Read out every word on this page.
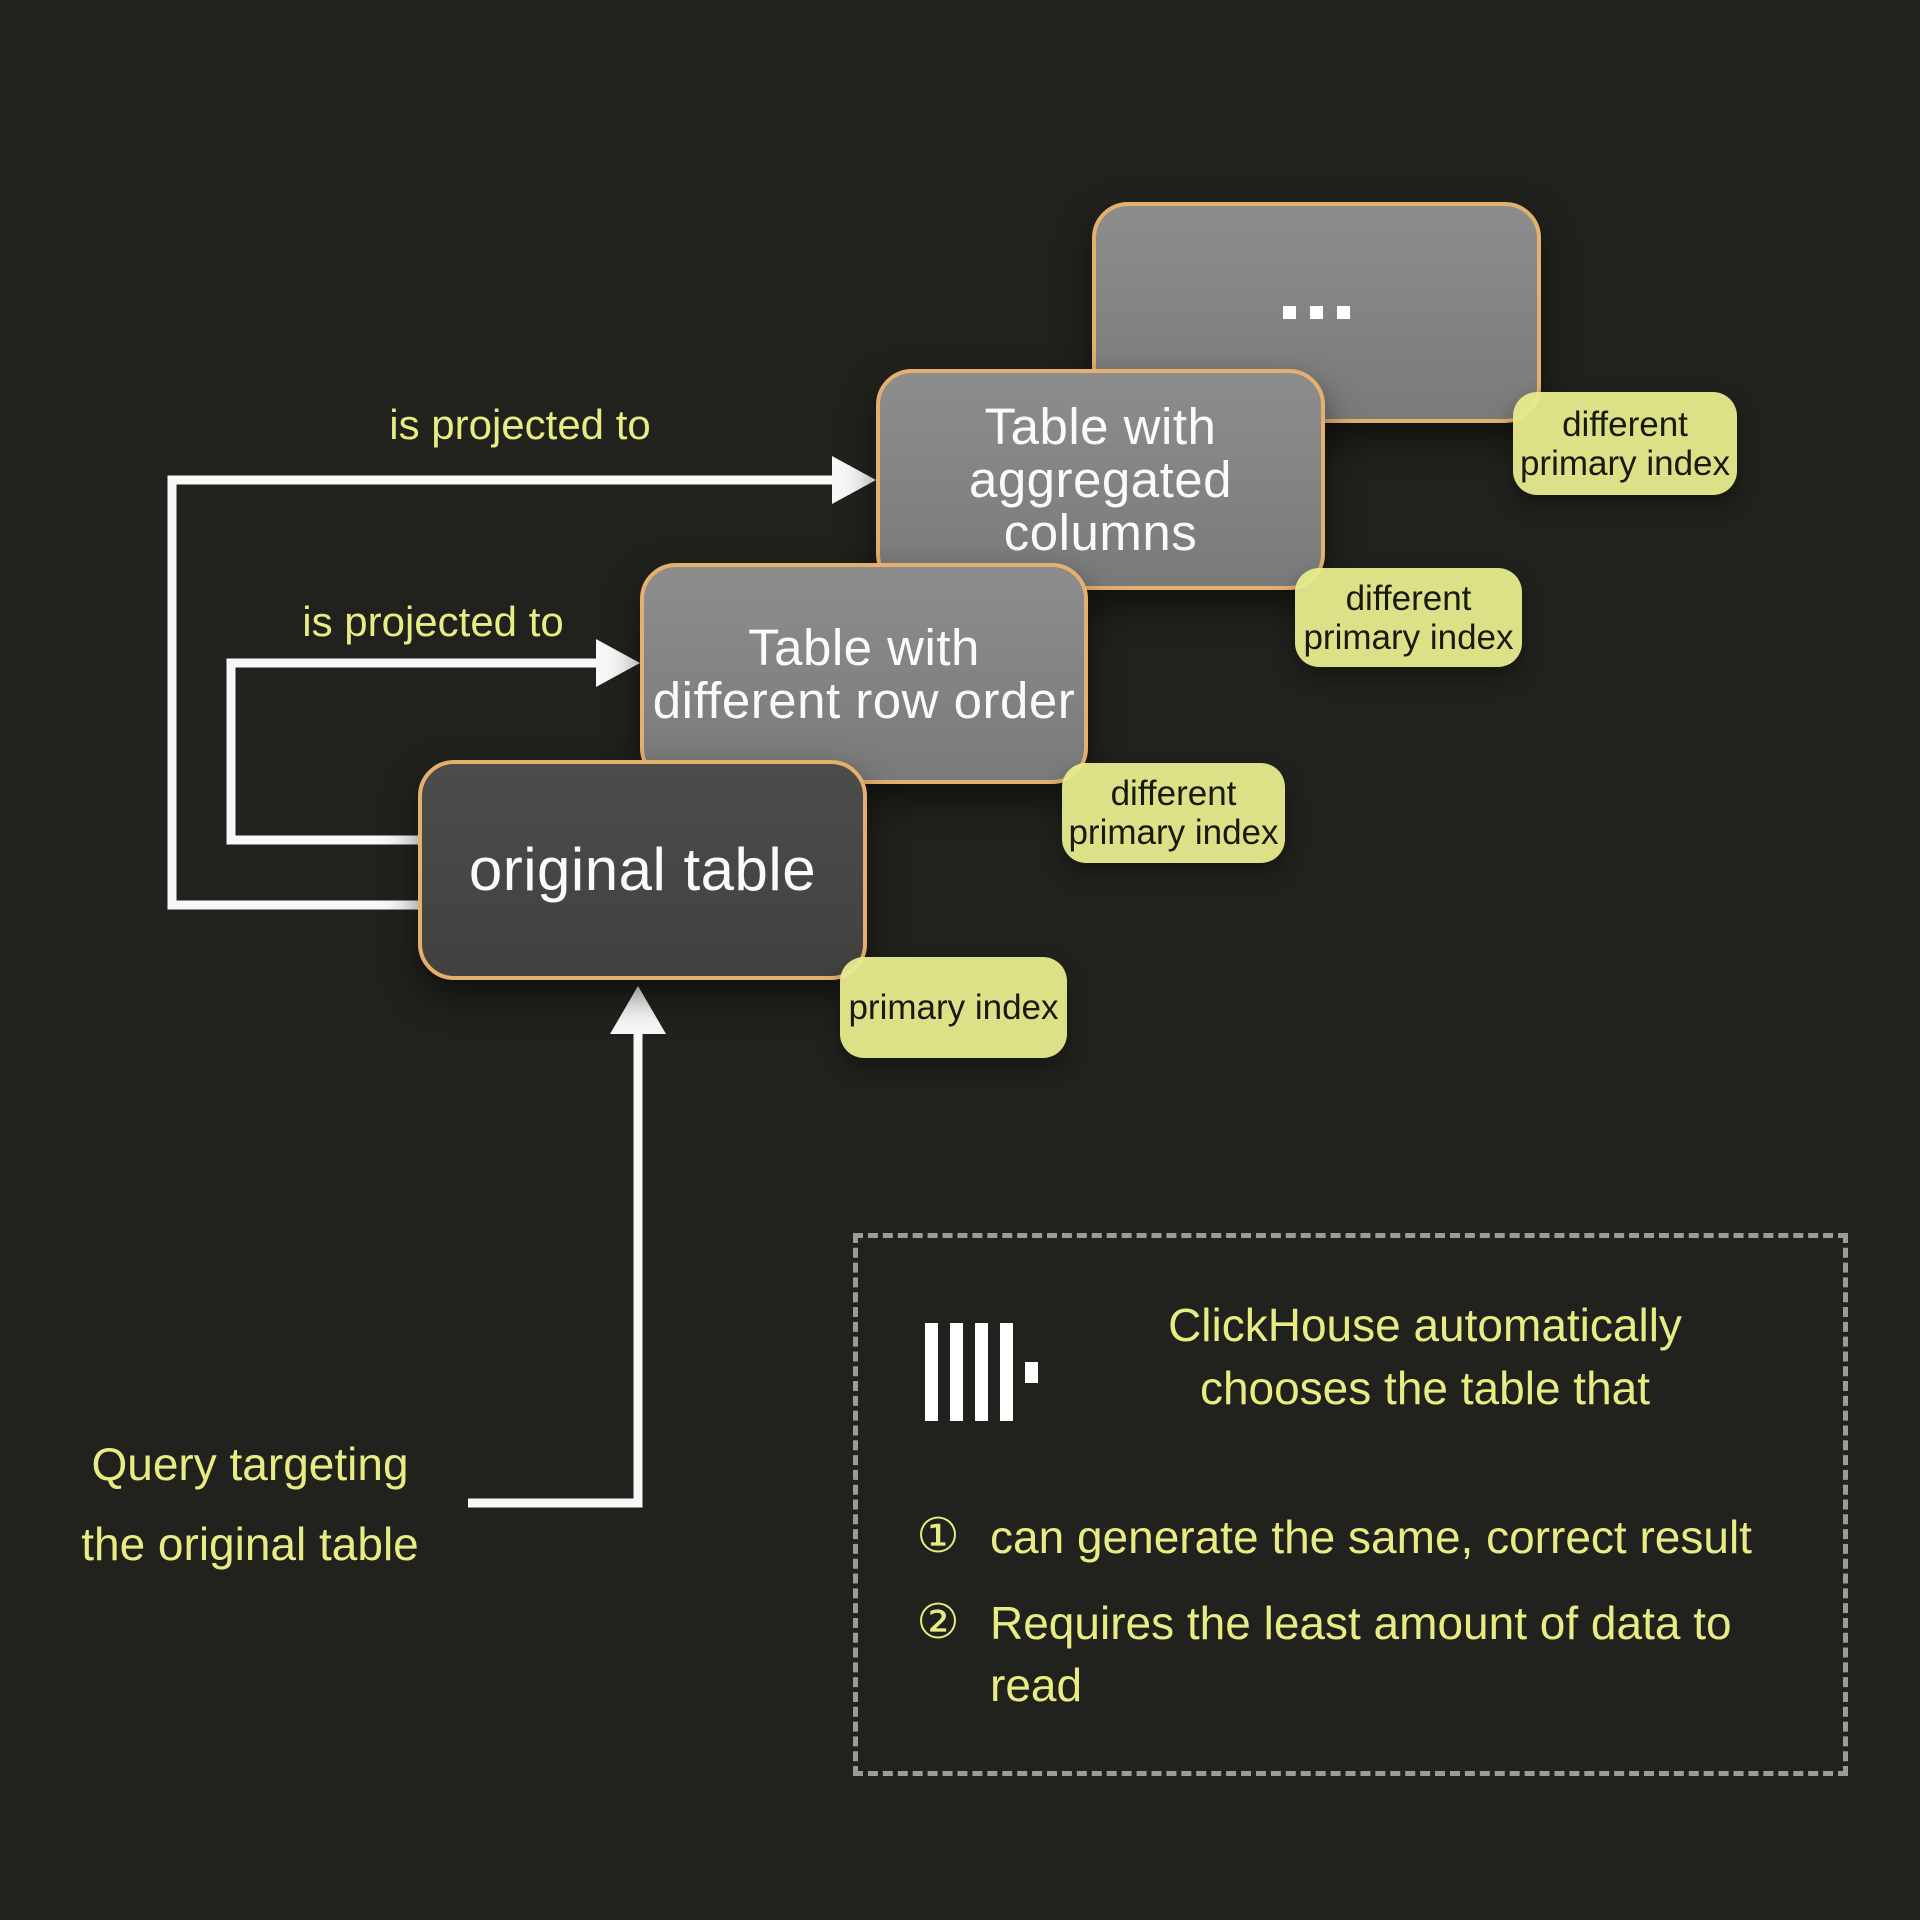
Table with
aggregated columns
Table with
different row order
original table
different
primary index
different
primary index
different
primary index
primary index
is projected to
is projected to
Query targeting
the original table
ClickHouse automatically
chooses the table that
① can generate the same, correct result
② Requires the least amount of data to
read
